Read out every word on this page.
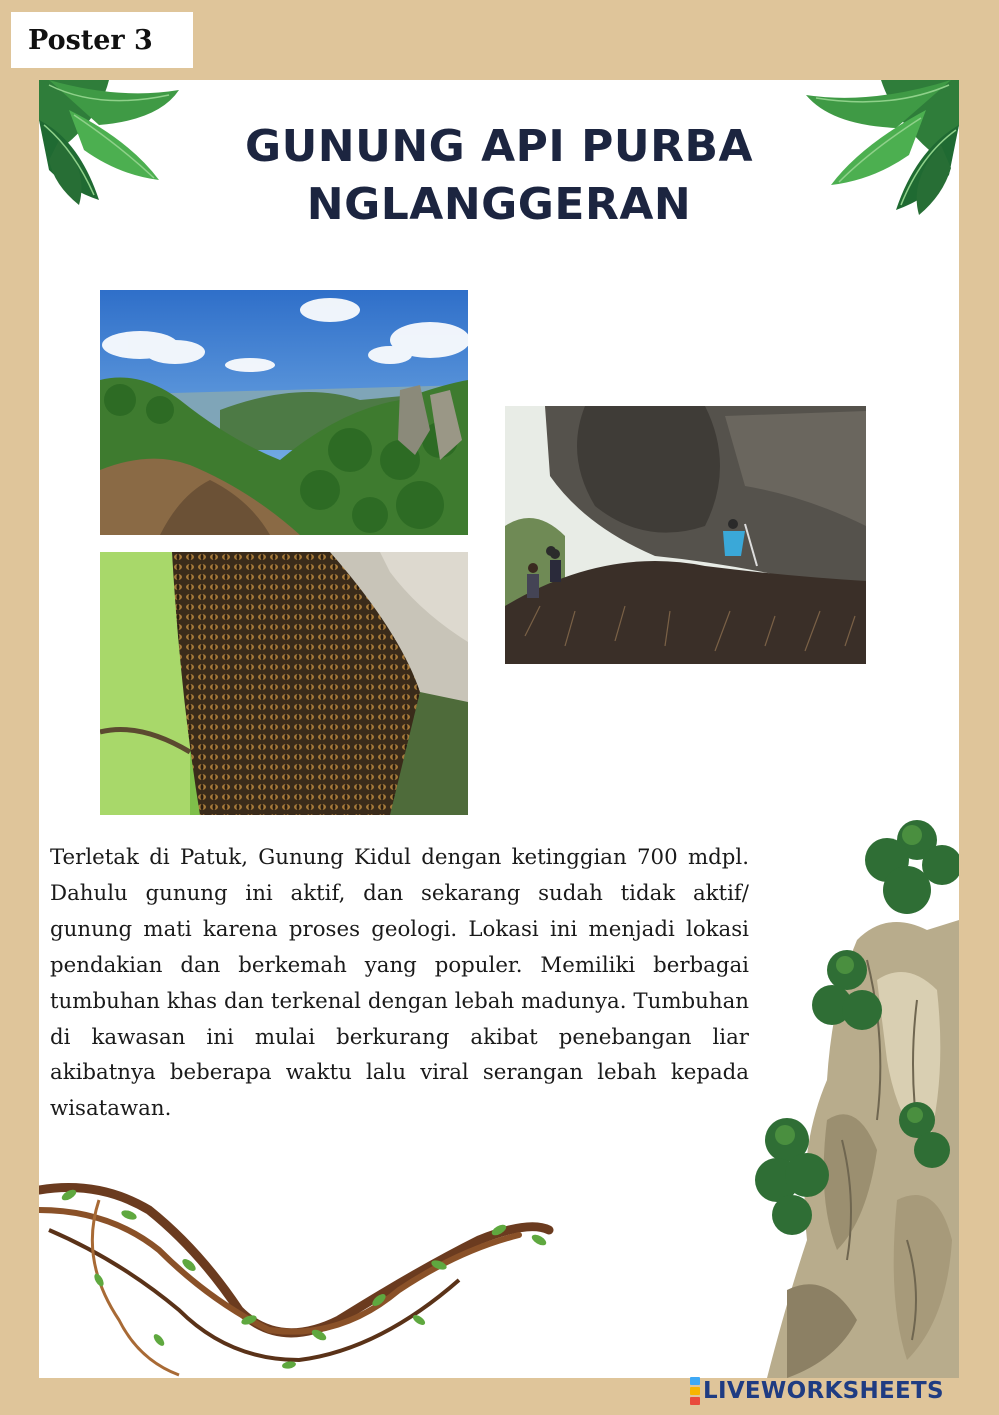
Poster 3
GUNUNG API PURBA
NGLANGGERAN

Terletak di Patuk, Gunung Kidul dengan ketinggian 700 mdpl. Dahulu gunung ini aktif, dan sekarang sudah tidak aktif/ gunung mati karena proses geologi. Lokasi ini menjadi lokasi pendakian dan berkemah yang populer. Memiliki berbagai tumbuhan khas dan terkenal dengan lebah madunya. Tumbuhan di kawasan ini mulai berkurang akibat penebangan liar akibatnya beberapa waktu lalu viral serangan lebah kepada wisatawan.

LIVEWORKSHEETS
